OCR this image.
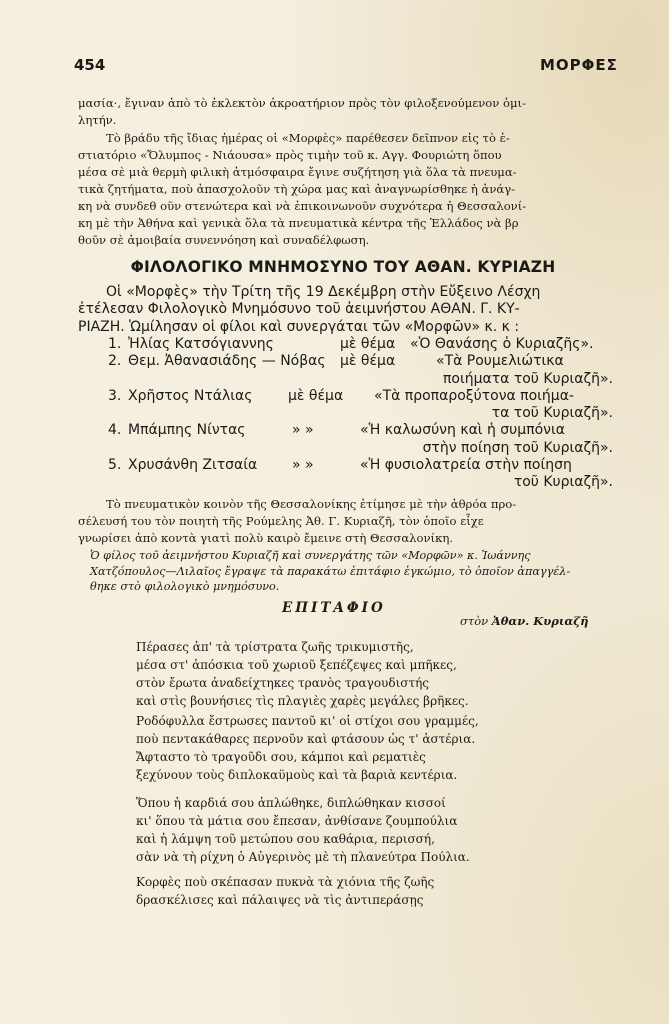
454	ΜΟΡΦΕΣ
μασία·, ἔγιναν ἀπὸ τὸ ἐκλεκτὸν ἀκροατήριον πρὸς τὸν φιλοξενούμενον ὁμι-
λητήν.
Τὸ βράδυ τῆς ἴδιας ἡμέρας οἱ «Μορφὲς» παρέθεσεν δεῖπνον εἰς τὸ ἑ-
στιατόριο «Ὄλυμπος - Νιάουσα» πρὸς τιμὴν τοῦ κ. Αγγ. Φουριώτη ὅπου
μέσα σὲ μιὰ θερμὴ φιλικὴ ἀτμόσφαιρα ἔγινε συζήτηση γιὰ ὅλα τὰ πνευμα-
τικὰ ζητήματα, ποὺ ἀπασχολοῦν τὴ χώρα μας καὶ ἀναγνωρίσθηκε ἡ ἀνάγ-
κη νὰ συνδεθ οῦν στενώτερα καὶ νὰ ἐπικοινωνοῦν συχνότερα ἡ Θεσσαλονί-
κη μὲ τὴν Ἀθήνα καὶ γενικὰ ὅλα τὰ πνευματικὰ κέντρα τῆς Ἑλλάδος νὰ βρ
θοῦν σὲ ἀμοιβαία συνεννόηση καὶ συναδέλφωση.
ΦΙΛΟΛΟΓΙΚΟ ΜΝΗΜΟΣΥΝΟ ΤΟΥ ΑΘΑΝ. ΚΥΡΙΑΖΗ
Οἱ «Μορφὲς» τὴν Τρίτη τῆς 19 Δεκέμβρη στὴν Εὔξεινο Λέσχη
ἐτέλεσαν Φιλολογικὸ Μνημόσυνο τοῦ ἀειμνήστου ΑΘΑΝ. Γ. ΚΥ-
ΡΙΑΖΗ. Ὡμίλησαν οἱ φίλοι καὶ συνεργάται τῶν «Μορφῶν» κ. κ :
1. Ἠλίας Κατσόγιαννης	μὲ θέμα «Ὁ Θανάσης ὁ Κυριαζῆς».
2. Θεμ. Ἀθανασιάδης — Νόβας μὲ θέμα	«Τὰ Ρουμελιώτικα
ποιήματα τοῦ Κυριαζῆ».
3. Χρῆστος Ντάλιας	μὲ θέμα «Τὰ προπαροξύτονα ποιήμα-
τα τοῦ Κυριαζῆ».
4. Μπάμπης Νίντας	» »	«Ἡ καλωσύνη καὶ ἡ συμπόνια
στὴν ποίηση τοῦ Κυριαζῆ».
5. Χρυσάνθη Ζιτσαία » »	«Ἡ φυσιολατρεία στὴν ποίηση
τοῦ Κυριαζῆ».
Τὸ πνευματικὸν κοινὸν τῆς Θεσσαλονίκης ἐτίμησε μὲ τὴν ἀθρόα προ-
σέλευσή του τὸν ποιητὴ τῆς Ρούμελης Ἀθ. Γ. Κυριαζῆ, τὸν ὁποῖο εἶχε
γνωρίσει ἀπὸ κοντὰ γιατὶ πολὺ καιρὸ ἔμεινε στὴ Θεσσαλονίκη.
Ὁ φίλος τοῦ ἀειμνήστου Κυριαζῆ καὶ συνεργάτης τῶν «Μορφῶν» κ. Ἰωάννης
Χατζόπουλος—Λιλαῖος ἔγραψε τὰ παρακάτω ἐπιτάφιο ἐγκώμιο, τὸ ὁποῖον ἀπαγγέλ-
θηκε στὸ φιλολογικὸ μνημόσυνο.
ΕΠΙΤΑΦΙΟ
στὸν Ἀθαν. Κυριαζῆ
Πέρασες ἀπ' τὰ τρίστρατα ζωῆς τρικυμιστῆς,
μέσα στ' ἀπόσκια τοῦ χωριοῦ ξεπέζεψες καὶ μπῆκες,
στὸν ἔρωτα ἀναδείχτηκες τρανὸς τραγουδιστής
καὶ στὶς βουνήσιες τὶς πλαγιὲς χαρὲς μεγάλες βρῆκες.
Ροδόφυλλα ἔστρωσες παντοῦ κι' οἱ στίχοι σου γραμμές,
ποὺ πεντακάθαρες περνοῦν καὶ φτάσουν ὡς τ' ἀστέρια.
Ἄφταστο τὸ τραγοῦδι σου, κάμποι καὶ ρεματιὲς
ξεχύνουν τοὺς διπλοκαϋμοὺς καὶ τὰ βαριὰ κεντέρια.
Ὅπου ἡ καρδιά σου ἁπλώθηκε, διπλώθηκαν κισσοί
κι' ὅπου τὰ μάτια σου ἔπεσαν, ἀνθίσανε ζουμπούλια
καὶ ἡ λάμψη τοῦ μετώπου σου καθάρια, περισσή,
σὰν νὰ τὴ ρίχνη ὁ Αὐγερινὸς μὲ τὴ πλανεύτρα Πούλια.
Κορφὲς ποὺ σκέπασαν πυκνὰ τὰ χιόνια τῆς ζωῆς
δρασκέλισες καὶ πάλαιψες νὰ τὶς ἀντιπεράσῃς
